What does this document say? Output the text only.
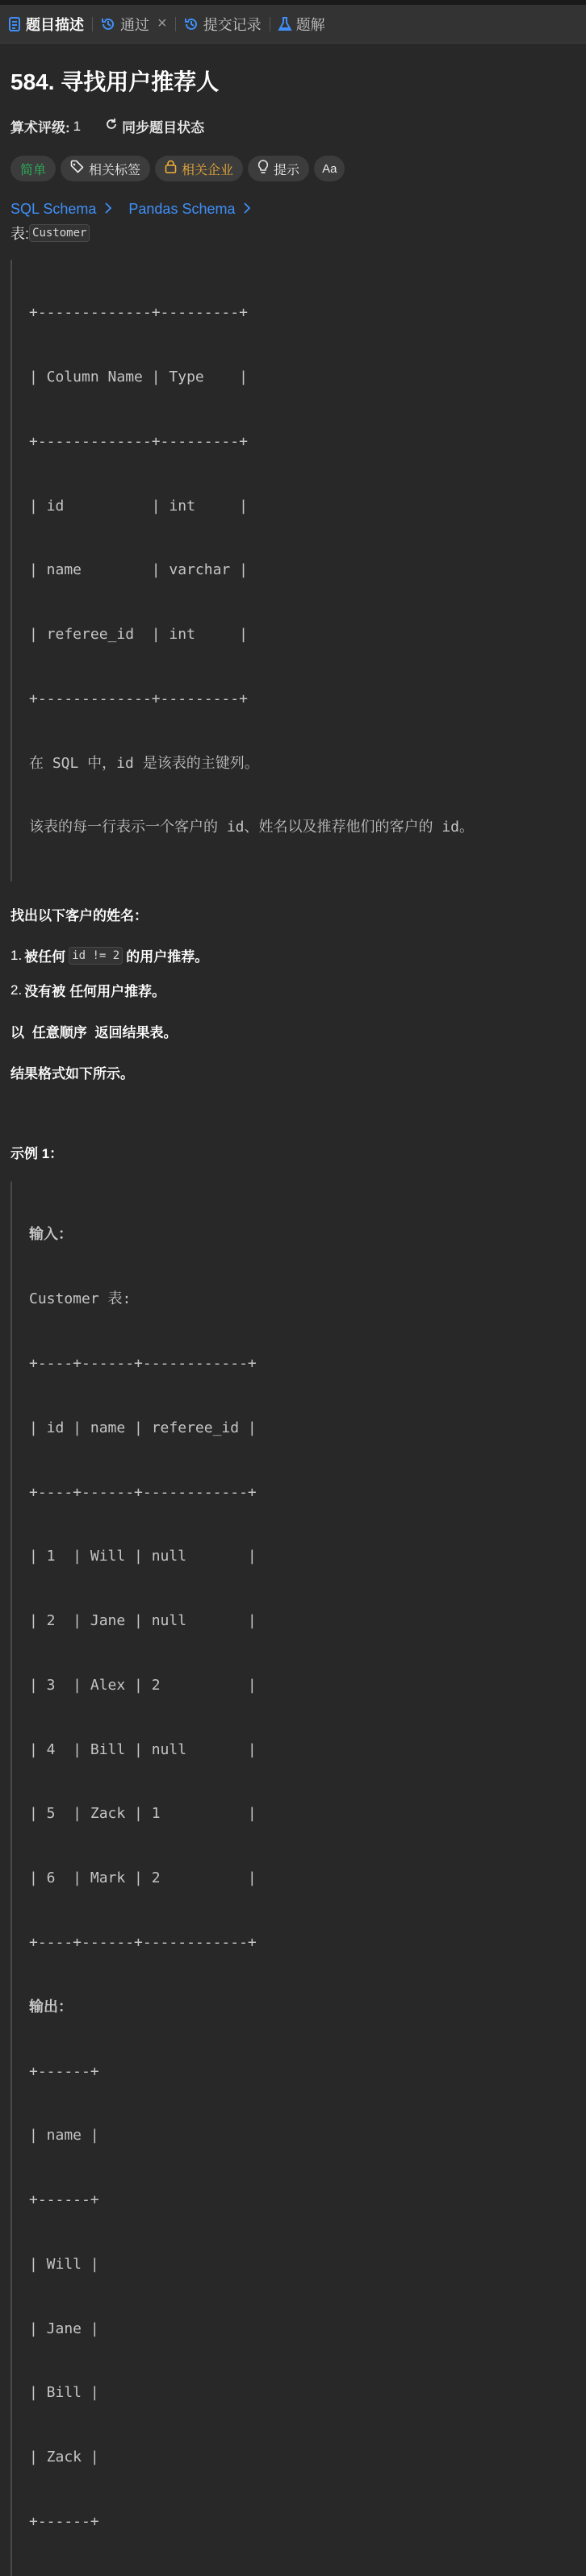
题目描述	通过 ×	提交记录 题解
584. 寻找用户推荐人
算术评级: 1	同步题目状态
简单	相关标签	相关企业	提示 Aa
SQL Schema Pandas Schema
表: Customer

+-------------+---------+

| Column Name | Type    |

+-------------+---------+

| id          | int     |

| name        | varchar |

| referee_id  | int     |

+-------------+---------+

在 SQL 中，id 是该表的主键列。

该表的每一行表示一个客户的 id、姓名以及推荐他们的客户的 id。

找出以下客户的姓名：
1. 被任何 id != 2 的用户推荐。
2. 没有被 任何用户推荐。
以 任意顺序 返回结果表。
结果格式如下所示。
示例 1：

输入：

Customer 表:

+----+------+------------+

| id | name | referee_id |

+----+------+------------+

| 1  | Will | null       |

| 2  | Jane | null       |

| 3  | Alex | 2          |

| 4  | Bill | null       |

| 5  | Zack | 1          |

| 6  | Mark | 2          |

+----+------+------------+

输出：

+------+

| name |

+------+

| Will |

| Jane |

| Bill |

| Zack |

+------+
